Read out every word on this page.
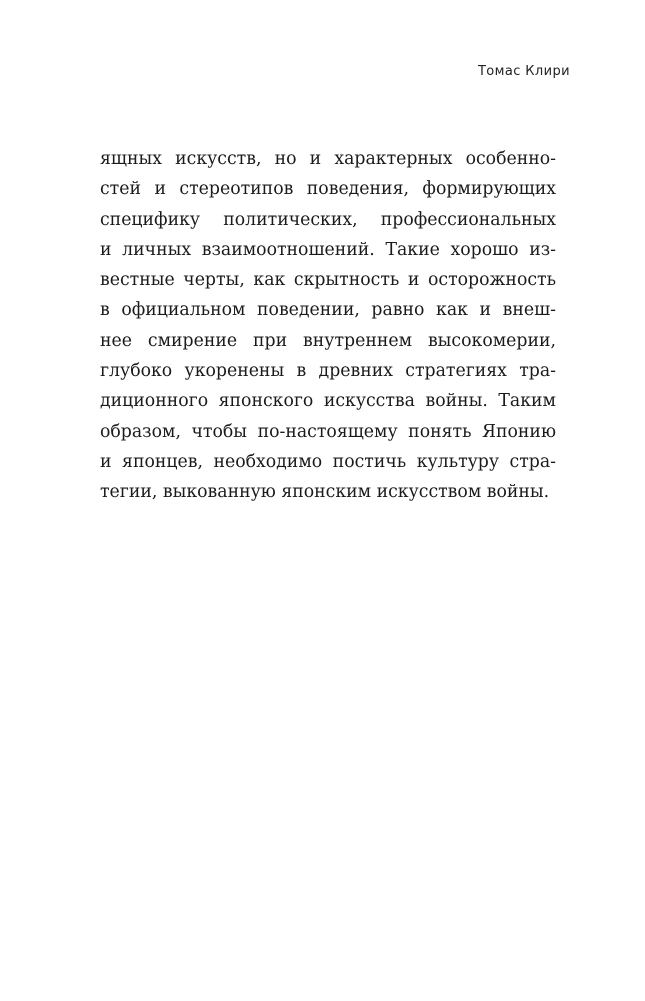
Томас Клири
ящных искусств, но и характерных особенно-
стей и стереотипов поведения, формирующих
специфику политических, профессиональных
и личных взаимоотношений. Такие хорошо из-
вестные черты, как скрытность и осторожность
в официальном поведении, равно как и внеш-
нее смирение при внутреннем высокомерии,
глубоко укоренены в древних стратегиях тра-
диционного японского искусства войны. Таким
образом, чтобы по-настоящему понять Японию
и японцев, необходимо постичь культуру стра-
тегии, выкованную японским искусством войны.
